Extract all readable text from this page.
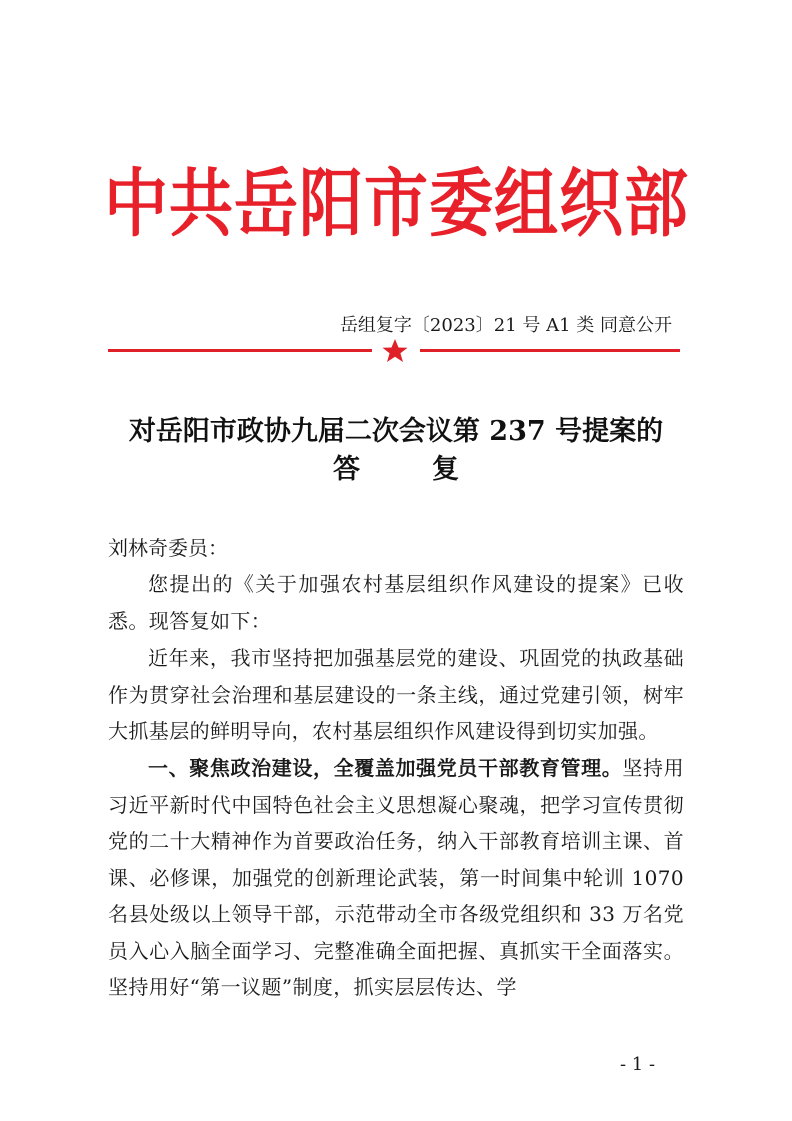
中 共 岳 阳 市 委 组 织 部
岳组复字〔2023〕21 号 A1 类 同意公开
对岳阳市政协九届二次会议第 237 号提案的
答	复
刘林奇委员：
您提出的《关于加强农村基层组织作风建设的提案》已收悉。现答复如下：
近年来，我市坚持把加强基层党的建设、巩固党的执政基础作为贯穿社会治理和基层建设的一条主线，通过党建引领，树牢大抓基层的鲜明导向，农村基层组织作风建设得到切实加强。
一、聚焦政治建设，全覆盖加强党员干部教育管理。坚持用习近平新时代中国特色社会主义思想凝心聚魂，把学习宣传贯彻党的二十大精神作为首要政治任务，纳入干部教育培训主课、首课、必修课，加强党的创新理论武装，第一时间集中轮训 1070 名县处级以上领导干部，示范带动全市各级党组织和 33 万名党员入心入脑全面学习、完整准确全面把握、真抓实干全面落实。坚持用好“第一议题”制度，抓实层层传达、学
- 1 -
